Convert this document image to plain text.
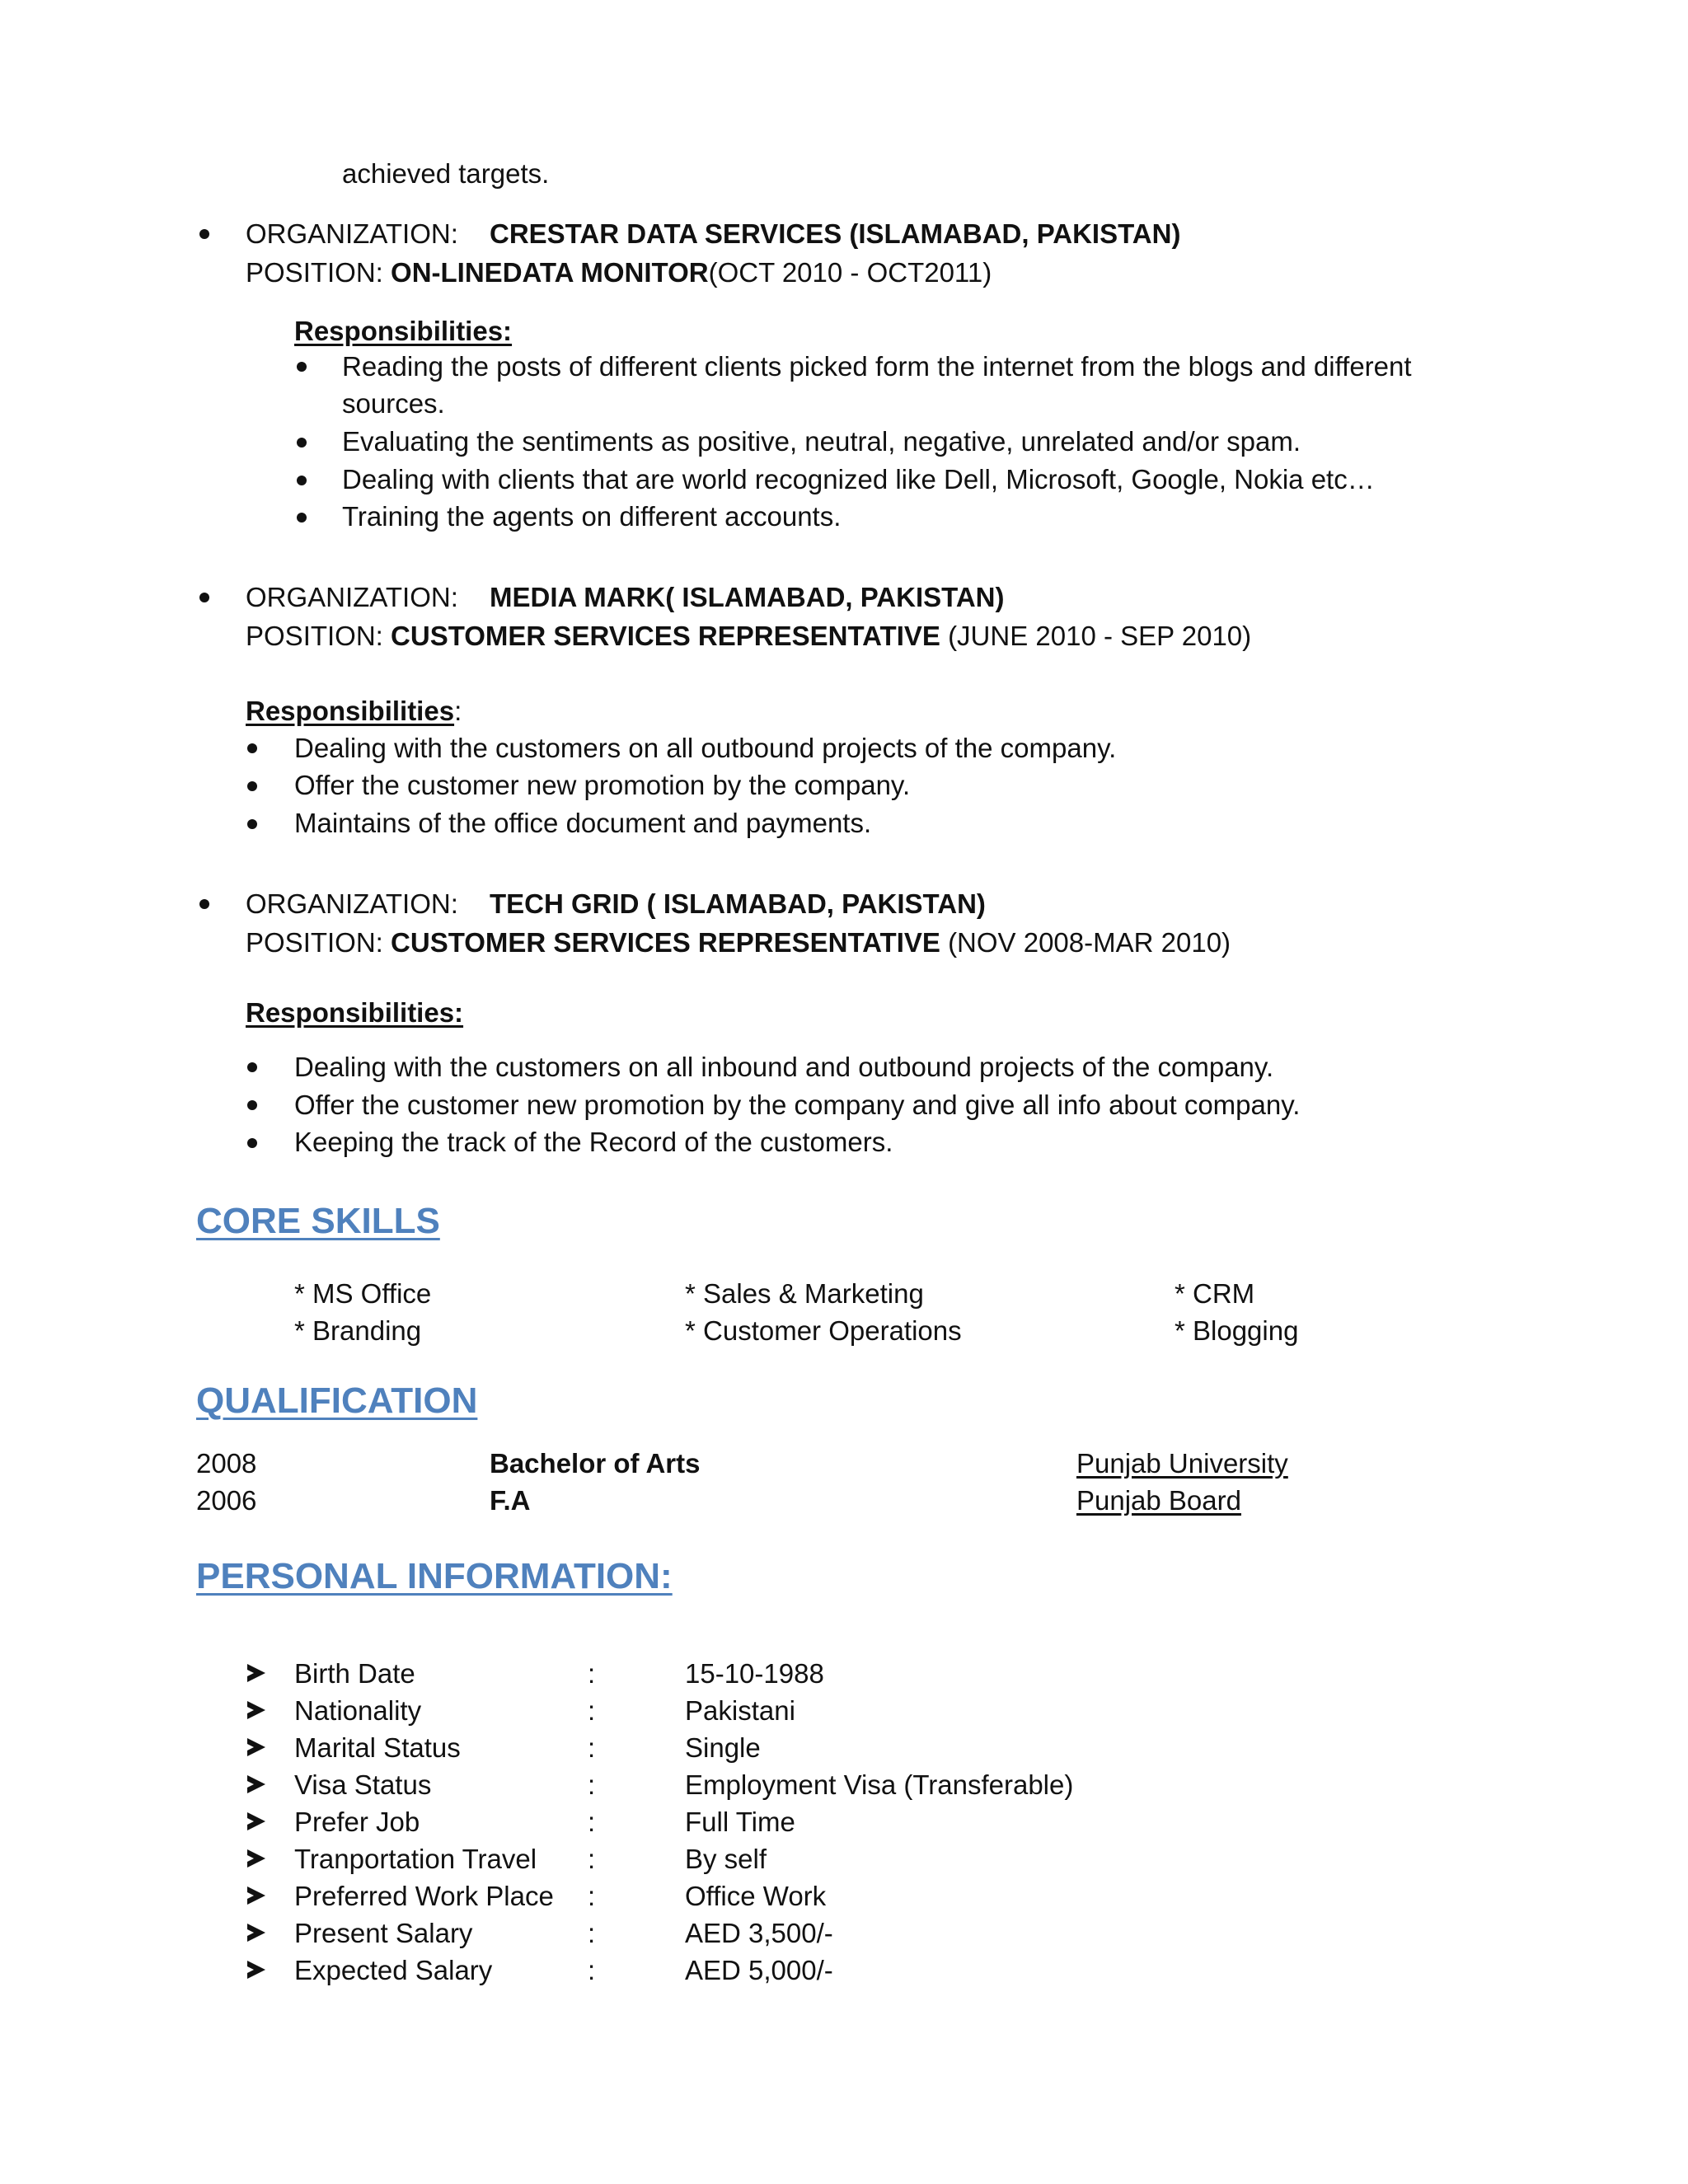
achieved targets.
ORGANIZATION: CRESTAR DATA SERVICES (ISLAMABAD, PAKISTAN)
POSITION: ON-LINEDATA MONITOR(OCT 2010 - OCT2011)
Responsibilities:
Reading the posts of different clients picked form the internet from the blogs and different
sources.
Evaluating the sentiments as positive, neutral, negative, unrelated and/or spam.
Dealing with clients that are world recognized like Dell, Microsoft, Google, Nokia etc…
Training the agents on different accounts.
ORGANIZATION: MEDIA MARK( ISLAMABAD, PAKISTAN)
POSITION: CUSTOMER SERVICES REPRESENTATIVE (JUNE 2010 - SEP 2010)
Responsibilities:
Dealing with the customers on all outbound projects of the company.
Offer the customer new promotion by the company.
Maintains of the office document and payments.
ORGANIZATION: TECH GRID ( ISLAMABAD, PAKISTAN)
POSITION: CUSTOMER SERVICES REPRESENTATIVE (NOV 2008-MAR 2010)
Responsibilities:
Dealing with the customers on all inbound and outbound projects of the company.
Offer the customer new promotion by the company and give all info about company.
Keeping the track of the Record of the customers.
CORE SKILLS
* MS Office	* Sales & Marketing	* CRM
* Branding	* Customer Operations	* Blogging
QUALIFICATION
2008	Bachelor of Arts	Punjab University
2006	F.A	Punjab Board
PERSONAL INFORMATION:
Birth Date	:	15-10-1988
Nationality	:	Pakistani
Marital Status	:	Single
Visa Status	:	Employment Visa (Transferable)
Prefer Job	:	Full Time
Tranportation Travel :	By self
Preferred Work Place :	Office Work
Present Salary	:	AED 3,500/-
Expected Salary	:	AED 5,000/-
